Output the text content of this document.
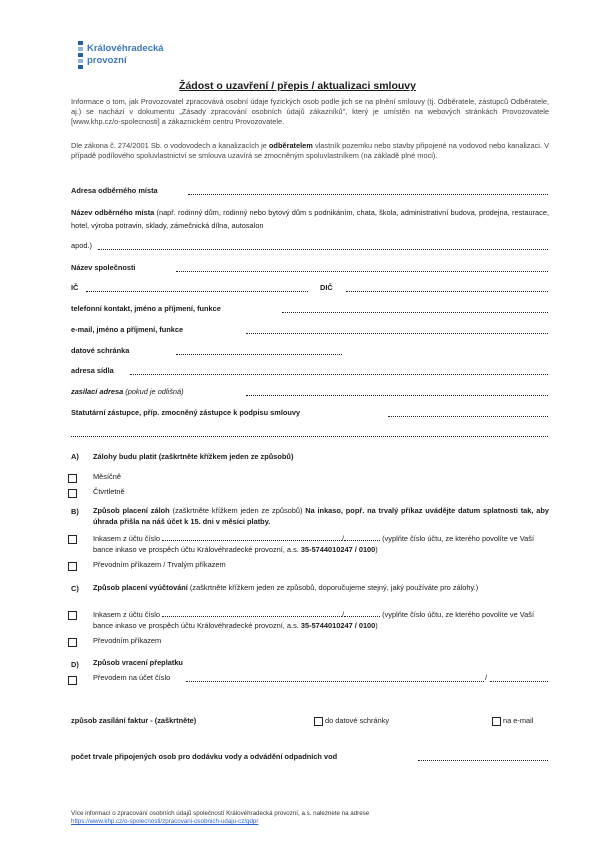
Královéhradecká
provozní
Žádost o uzavření / přepis / aktualizaci smlouvy
Informace o tom, jak Provozovatel zpracovává osobní údaje fyzických osob podle jich se na plnění smlouvy (tj. Odběratele, zástupců Odběratele, aj.) se nachází v dokumentu „Zásady zpracování osobních údajů zákazníků", který je umístěn na webových stránkách Provozovatele [www.khp.cz/o-spolecnosti] a zákaznickém centru Provozovatele.
Dle zákona č. 274/2001 Sb. o vodovodech a kanalizacích je odběratelem vlastník pozemku nebo stavby připojené na vodovod nebo kanalizaci. V případě podílového spoluvlastnictví se smlouva uzavírá se zmocněným spoluvlastníkem (na základě plné moci).
Adresa odběrného místa
Název odběrného místa (např. rodinný dům, rodinný nebo bytový dům s podnikáním, chata, škola, administrativní budova, prodejna, restaurace, hotel, výroba potravin, sklady, zámečnická dílna, autosalon
apod.)
Název společnosti
IČ	DIČ
telefonní kontakt, jméno a příjmení, funkce
e-mail, jméno a příjmení, funkce
datové schránka
adresa sídla
zasílací adresa (pokud je odlišná)
Statutární zástupce, příp. zmocněný zástupce k podpisu smlouvy
A) Zálohy budu platit (zaškrtněte křížkem jeden ze způsobů)
Měsíčně
Čtvrtletně
B) Způsob placení záloh (zaškrtněte křížkem jeden ze způsobů) Na inkaso, popř. na trvalý příkaz uvádějte datum splatnosti tak, aby úhrada přišla na náš účet k 15. dni v měsíci platby.
Inkasem z účtu číslo	/	(vyplňte číslo účtu, ze kterého povolíte ve Vaší bance inkaso ve prospěch účtu Královéhradecké provozní, a.s. 35-5744010247 / 0100)
Převodním příkazem / Trvalým příkazem
C) Způsob placení vyúčtování (zaškrtněte křížkem jeden ze způsobů, doporučujeme stejný, jaký používáte pro zálohy.)
Inkasem z účtu číslo	/	(vyplňte číslo účtu, ze kterého povolíte ve Vaší bance inkaso ve prospěch účtu Královéhradecké provozní, a.s. 35-5744010247 / 0100)
Převodním příkazem
D) Způsob vracení přeplatku
Převodem na účet číslo	/
způsob zasílání faktur - (zaškrtněte)	do datové schránky	na e-mail
počet trvale připojených osob pro dodávku vody a odvádění odpadních vod
Více informací o zpracování osobních údajů společností Královéhradecká provozní, a.s. naleznete na adrese
https://www.khp.cz/o-spolecnosti/zpracovani-osobnich-udaju-cz/gdpr
